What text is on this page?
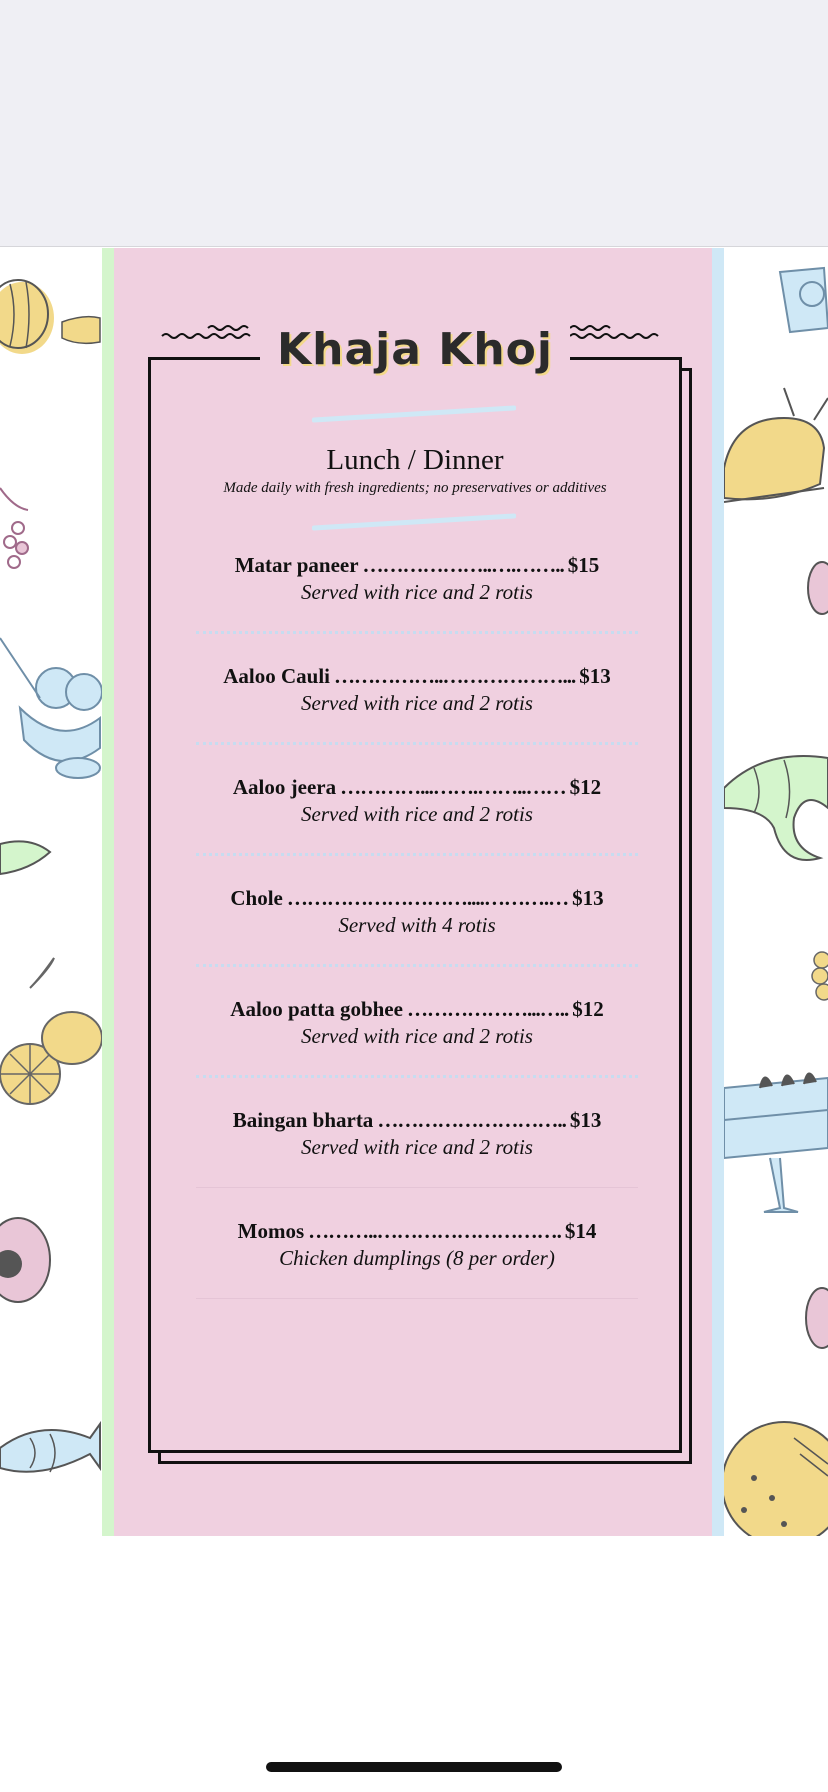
Khaja Khoj
Lunch / Dinner
Made daily with fresh ingredients; no preservatives or additives
Matar paneer ………………..….…….. $15
Served with rice and 2 rotis
Aaloo Cauli ……………..………………... $13
Served with rice and 2 rotis
Aaloo jeera …………...…….……..…… $12
Served with rice and 2 rotis
Chole ………………………....……….… $13
Served with 4 rotis
Aaloo patta gobhee ………………...….. $12
Served with rice and 2 rotis
Baingan bharta ……………………….. $13
Served with rice and 2 rotis
Momos ………..………………………. $14
Chicken dumplings (8 per order)
